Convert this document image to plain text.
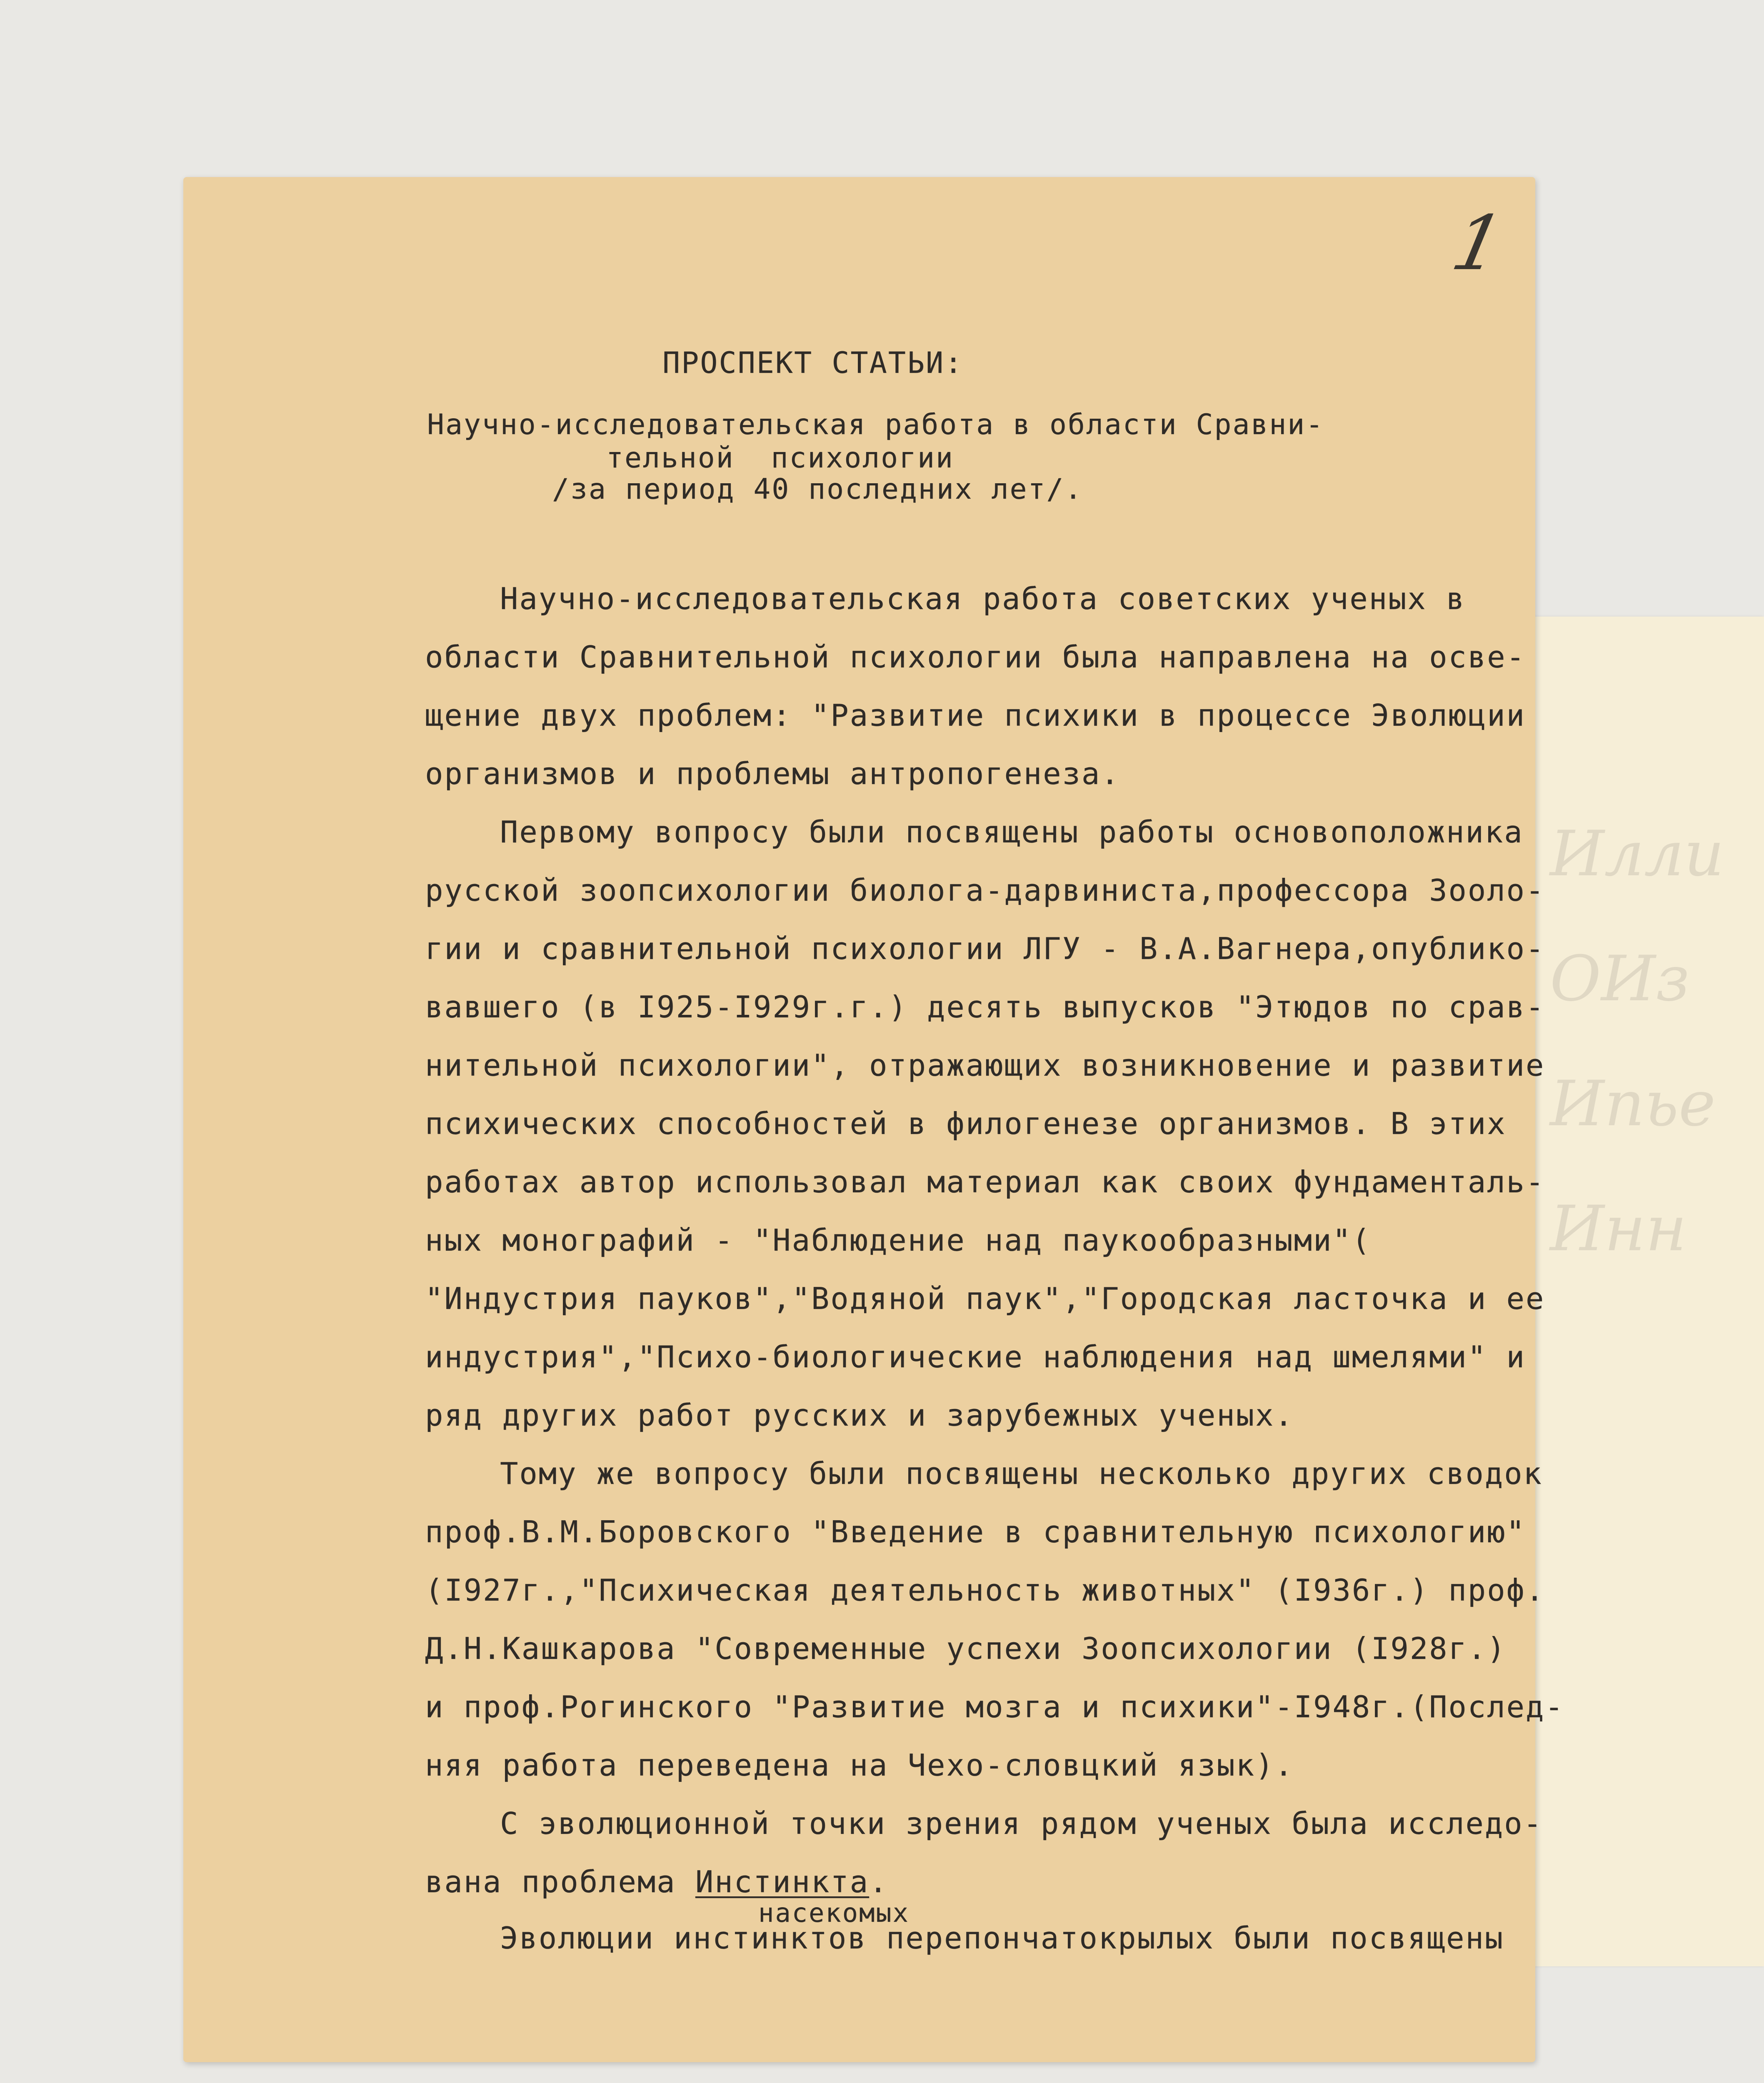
Илли
ОИз
Ипье
Инн
1
ПРОСПЕКТ СТАТЬИ:
Научно-исследовательская работа в области Сравни-
тельной  психологии
/за период 40 последних лет/.
Научно-исследовательская работа советских ученых в
области Сравнительной психологии была направлена на осве-
щение двух проблем: "Развитие психики в процессе Эволюции
организмов и проблемы антропогенеза.
Первому вопросу были посвящены работы основоположника
русской зоопсихологии биолога-дарвиниста,профессора Зооло-
гии и сравнительной психологии ЛГУ - В.А.Вагнера,опублико-
вавшего (в I925-I929г.г.) десять выпусков "Этюдов по срав-
нительной психологии", отражающих возникновение и развитие
психических способностей в филогенезе организмов. В этих
работах автор использовал материал как своих фундаменталь-
ных монографий - "Наблюдение над паукообразными"(
"Индустрия пауков","Водяной паук","Городская ласточка и ее
индустрия","Психо-биологические наблюдения над шмелями" и
ряд других работ русских и зарубежных ученых.
Тому же вопросу были посвящены несколько других сводок
проф.В.М.Боровского "Введение в сравнительную психологию"
(I927г.,"Психическая деятельность животных" (I936г.) проф.
Д.Н.Кашкарова "Современные успехи Зоопсихологии (I928г.)
и проф.Рогинского "Развитие мозга и психики"-I948г.(Послед-
няя работа переведена на Чехо-словцкий язык).
С эволюционной точки зрения рядом ученых была исследо-
вана проблема Инстинкта.
насекомых
Эволюции инстинктов перепончатокрылых были посвящены
